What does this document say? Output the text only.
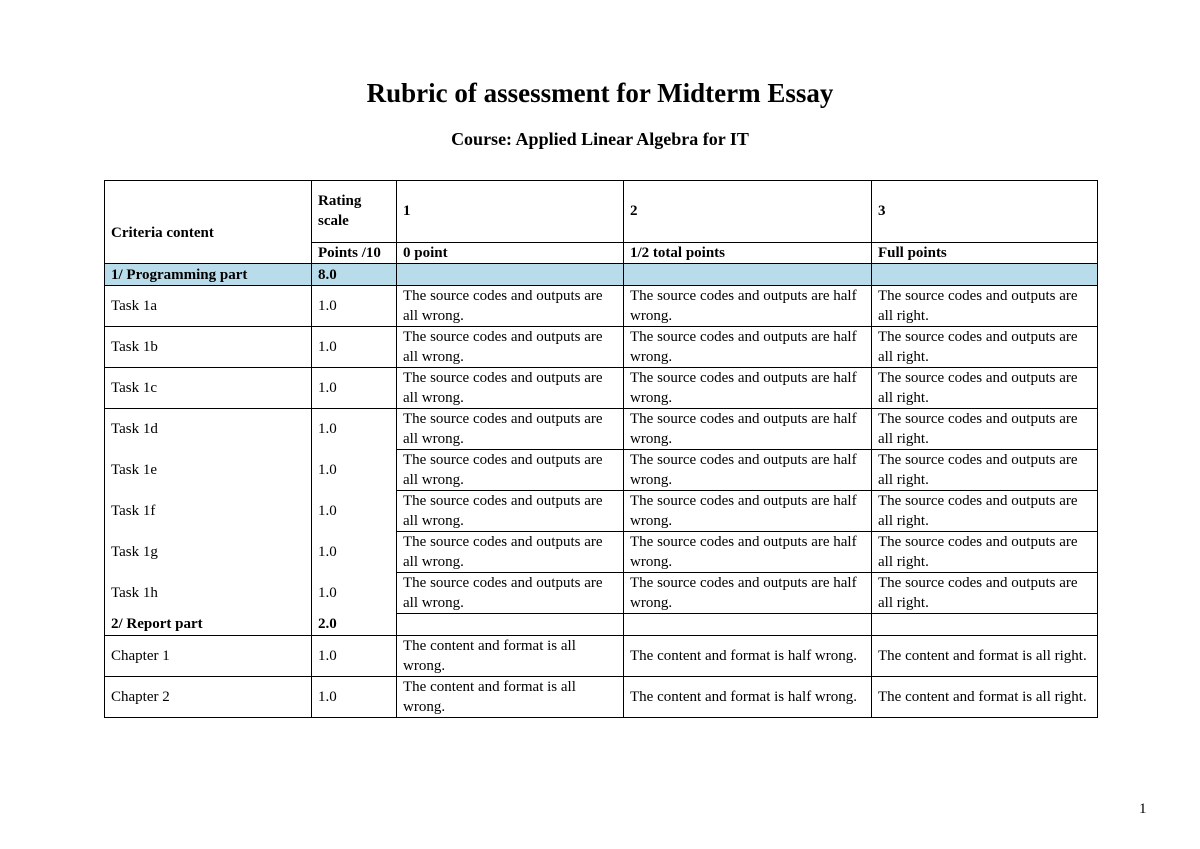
Rubric of assessment for Midterm Essay
Course: Applied Linear Algebra for IT
Criteria content	Rating scale	1	2	3
	Points /10	0 point	1/2 total points	Full points
1/ Programming part	8.0			
Task 1a	1.0	The source codes and outputs are all wrong.	The source codes and outputs are half wrong.	The source codes and outputs are all right.
Task 1b	1.0	The source codes and outputs are all wrong.	The source codes and outputs are half wrong.	The source codes and outputs are all right.
Task 1c	1.0	The source codes and outputs are all wrong.	The source codes and outputs are half wrong.	The source codes and outputs are all right.
Task 1d	1.0	The source codes and outputs are all wrong.	The source codes and outputs are half wrong.	The source codes and outputs are all right.
Task 1e	1.0	The source codes and outputs are all wrong.	The source codes and outputs are half wrong.	The source codes and outputs are all right.
Task 1f	1.0	The source codes and outputs are all wrong.	The source codes and outputs are half wrong.	The source codes and outputs are all right.
Task 1g	1.0	The source codes and outputs are all wrong.	The source codes and outputs are half wrong.	The source codes and outputs are all right.
Task 1h	1.0	The source codes and outputs are all wrong.	The source codes and outputs are half wrong.	The source codes and outputs are all right.
2/ Report part	2.0			
Chapter 1	1.0	The content and format is all wrong.	The content and format is half wrong.	The content and format is all right.
Chapter 2	1.0	The content and format is all wrong.	The content and format is half wrong.	The content and format is all right.
1
